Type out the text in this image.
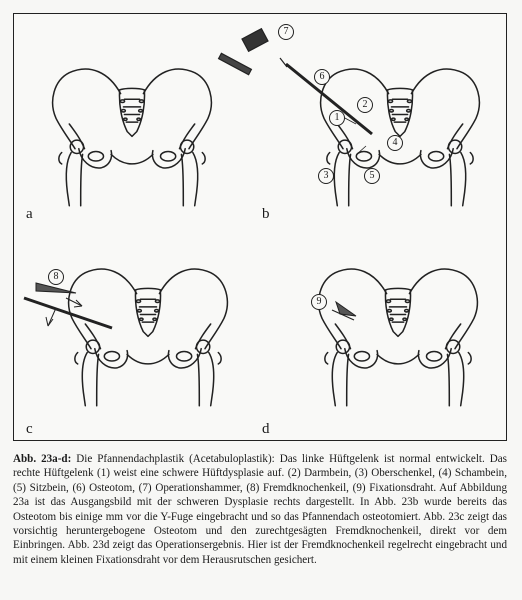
a	b
c	d
7
6
2
1
4
3	5
8
9
Abb. 23a-d: Die Pfannendachplastik (Acetabuloplastik): Das linke Hüftgelenk ist normal entwickelt. Das rechte Hüftgelenk (1) weist eine schwere Hüftdysplasie auf. (2) Darmbein, (3) Oberschenkel, (4) Schambein, (5) Sitzbein, (6) Osteotom, (7) Operationshammer, (8) Fremdknochenkeil, (9) Fixationsdraht. Auf Abbildung 23a ist das Ausgangsbild mit der schweren Dysplasie rechts dargestellt. In Abb. 23b wurde bereits das Osteotom bis einige mm vor die Y-Fuge eingebracht und so das Pfannendach osteotomiert. Abb. 23c zeigt das vorsichtig heruntergebogene Osteotom und den zurechtgesägten Fremdknochenkeil, direkt vor dem Einbringen. Abb. 23d zeigt das Operationsergebnis. Hier ist der Fremdknochenkeil regelrecht eingebracht und mit einem kleinen Fixationsdraht vor dem Herausrutschen gesichert.
